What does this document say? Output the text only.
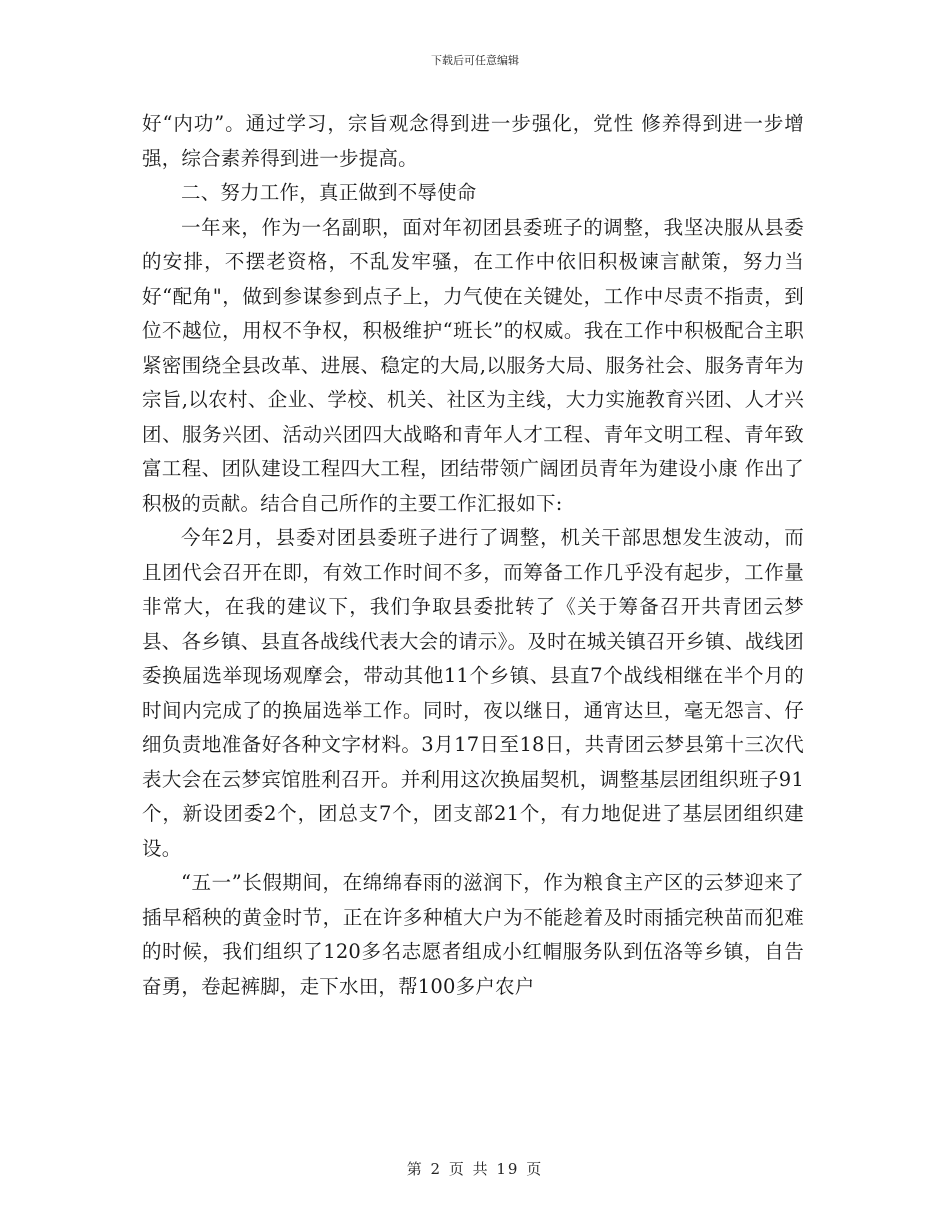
下载后可任意编辑

好“内功”。通过学习，宗旨观念得到进一步强化，党性 修养得到进一步增强，综合素养得到进一步提高。

二、努力工作，真正做到不辱使命

一年来，作为一名副职，面对年初团县委班子的调整，我坚决服从县委的安排，不摆老资格，不乱发牢骚，在工作中依旧积极谏言献策，努力当好“配角"，做到参谋参到点子上，力气使在关键处，工作中尽责不指责，到位不越位，用权不争权，积极维护“班长”的权威。我在工作中积极配合主职紧密围绕全县改革、进展、稳定的大局,以服务大局、服务社会、服务青年为宗旨,以农村、企业、学校、机关、社区为主线，大力实施教育兴团、人才兴团、服务兴团、活动兴团四大战略和青年人才工程、青年文明工程、青年致富工程、团队建设工程四大工程，团结带领广阔团员青年为建设小康 作出了积极的贡献。结合自己所作的主要工作汇报如下:

今年2月，县委对团县委班子进行了调整，机关干部思想发生波动，而且团代会召开在即，有效工作时间不多，而筹备工作几乎没有起步，工作量非常大，在我的建议下，我们争取县委批转了《关于筹备召开共青团云梦县、各乡镇、县直各战线代表大会的请示》。及时在城关镇召开乡镇、战线团委换届选举现场观摩会，带动其他11个乡镇、县直7个战线相继在半个月的时间内完成了的换届选举工作。同时，夜以继日，通宵达旦，毫无怨言、仔细负责地准备好各种文字材料。3月17日至18日，共青团云梦县第十三次代表大会在云梦宾馆胜利召开。并利用这次换届契机，调整基层团组织班子91个，新设团委2个，团总支7个，团支部21个，有力地促进了基层团组织建设。

“五一”长假期间，在绵绵春雨的滋润下，作为粮食主产区的云梦迎来了插早稻秧的黄金时节，正在许多种植大户为不能趁着及时雨插完秧苗而犯难的时候，我们组织了120多名志愿者组成小红帽服务队到伍洛等乡镇，自告奋勇，卷起裤脚，走下水田，帮100多户农户

第 2 页 共 19 页
